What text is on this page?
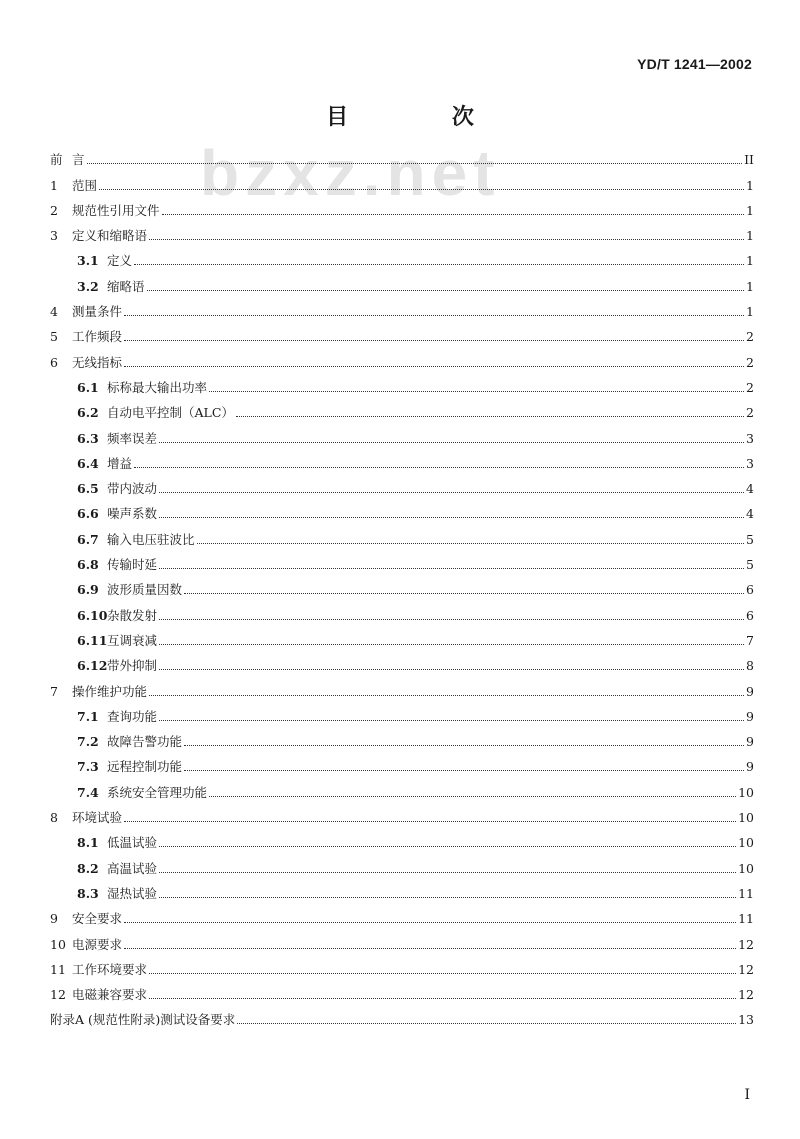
YD/T 1241—2002
目 次
bzxz.net
前 言	II
1	范围	1
2	规范性引用文件	1
3	定义和缩略语	1
3.1 定义	1
3.2 缩略语	1
4	测量条件	1
5	工作频段	2
6	无线指标	2
6.1 标称最大输出功率	2
6.2 自动电平控制（ALC）	2
6.3 频率误差	3
6.4 增益	3
6.5 带内波动	4
6.6 噪声系数	4
6.7 输入电压驻波比	5
6.8 传输时延	5
6.9 波形质量因数	6
6.10 杂散发射	6
6.11 互调衰减	7
6.12 带外抑制	8
7	操作维护功能	9
7.1 查询功能	9
7.2 故障告警功能	9
7.3 远程控制功能	9
7.4 系统安全管理功能	10
8	环境试验	10
8.1 低温试验	10
8.2 高温试验	10
8.3 湿热试验	11
9	安全要求	11
10 电源要求	12
11 工作环境要求	12
12 电磁兼容要求	12
附录A (规范性附录)测试设备要求	13
I
